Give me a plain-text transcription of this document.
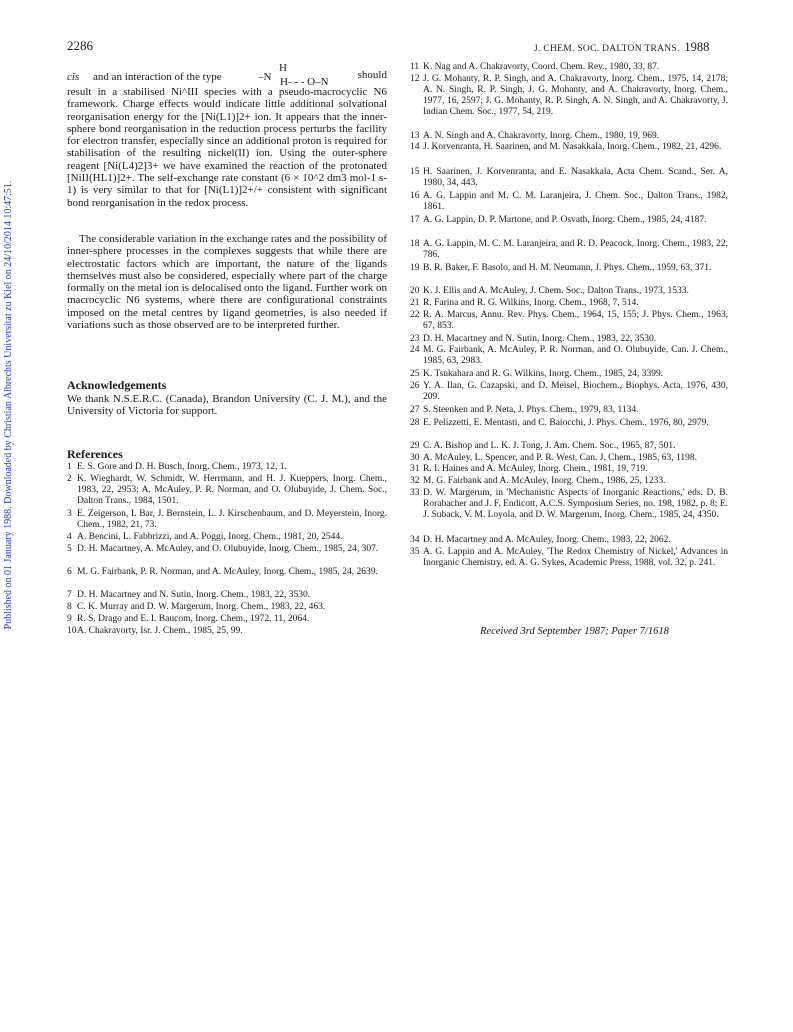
2286	J. CHEM. SOC. DALTON TRANS. 1988
Published on 01 January 1988. Downloaded by Christian Albrechts Universitat zu Kiel on 24/10/2014 10:47:51.
cis and an interaction of the type	–N
H
H- - - O–N
should

result in a stabilised Ni^III species with a pseudo-macrocyclic N6 framework. Charge effects would indicate little additional solvational reorganisation energy for the [Ni(L1)]2+ ion. It appears that the inner-sphere bond reorganisation in the reduction process perturbs the facility for electron transfer, especially since an additional proton is required for stabilisation of the resulting nickel(II) ion. Using the outer-sphere reagent [Ni(L4)2]3+ we have examined the reaction of the protonated [NiII(HL1)]2+. The self-exchange rate constant (6 × 10^2 dm3 mol-1 s-1) is very similar to that for [Ni(L1)]2+/+ consistent with significant bond reorganisation in the redox process.

The considerable variation in the exchange rates and the possibility of inner-sphere processes in the complexes suggests that while there are electrostatic factors which are important, the nature of the ligands themselves must also be considered, especially where part of the charge formally on the metal ion is delocalised onto the ligand. Further work on macrocyclic N6 systems, where there are configurational constraints imposed on the metal centres by ligand geometries, is also needed if variations such as those observed are to be interpreted further.

Acknowledgements

We thank N.S.E.R.C. (Canada), Brandon University (C. J. M.), and the University of Victoria for support.

References
1 E. S. Gore and D. H. Busch, Inorg. Chem., 1973, 12, 1.
2 K. Wieghardt, W. Schmidt, W. Herrmann, and H. J. Kueppers, Inorg. Chem., 1983, 22, 2953; A. McAuley, P. R. Norman, and O. Olubuyide, J. Chem. Soc., Dalton Trans., 1984, 1501.
3 E. Zeigerson, I. Bar, J. Bernstein, L. J. Kirschenbaum, and D. Meyerstein, Inorg. Chem., 1982, 21, 73.
4 A. Bencini, L. Fabbrizzi, and A. Poggi, Inorg. Chem., 1981, 20, 2544.
5 D. H. Macartney, A. McAuley, and O. Olubuyide, Inorg. Chem., 1985, 24, 307.
6 M. G. Fairbank, P. R. Norman, and A. McAuley, Inorg. Chem., 1985, 24, 2639.
7 D. H. Macartney and N. Sutin, Inorg. Chem., 1983, 22, 3530.
8 C. K. Murray and D. W. Margerum, Inorg. Chem., 1983, 22, 463.
9 R. S. Drago and E. I. Baucom, Inorg. Chem., 1972, 11, 2064.
10 A. Chakravorty, Isr. J. Chem., 1985, 25, 99.
11 K. Nag and A. Chakravorty, Coord. Chem. Rev., 1980, 33, 87.
12 J. G. Mohanty, R. P. Singh, and A. Chakravorty, Inorg. Chem., 1975, 14, 2178; A. N. Singh, R. P. Singh, J. G. Mohanty, and A. Chakravorty, Inorg. Chem., 1977, 16, 2597; J. G. Mohanty, R. P. Singh, A. N. Singh, and A. Chakravorty, J. Indian Chem. Soc., 1977, 54, 219.
13 A. N. Singh and A. Chakravorty, Inorg. Chem., 1980, 19, 969.
14 J. Korvenranta, H. Saarinen, and M. Nasakkala, Inorg. Chem., 1982, 21, 4296.
15 H. Saarinen, J. Korvenranta, and E. Nasakkala, Acta Chem. Scand., Ser. A, 1980, 34, 443.
16 A. G. Lappin and M. C. M. Laranjeira, J. Chem. Soc., Dalton Trans., 1982, 1861.
17 A. G. Lappin, D. P. Martone, and P. Osvath, Inorg. Chem., 1985, 24, 4187.
18 A. G. Lappin, M. C. M. Laranjeira, and R. D. Peacock, Inorg. Chem., 1983, 22, 786.
19 B. R. Baker, F. Basolo, and H. M. Neumann, J. Phys. Chem., 1959, 63, 371.
20 K. J. Ellis and A. McAuley, J. Chem. Soc., Dalton Trans., 1973, 1533.
21 R. Farina and R. G. Wilkins, Inorg. Chem., 1968, 7, 514.
22 R. A. Marcus, Annu. Rev. Phys. Chem., 1964, 15, 155; J. Phys. Chem., 1963, 67, 853.
23 D. H. Macartney and N. Sutin, Inorg. Chem., 1983, 22, 3530.
24 M. G. Fairbank, A. McAuley, P. R. Norman, and O. Olubuyide, Can. J. Chem., 1985, 63, 2983.
25 K. Tsukahara and R. G. Wilkins, Inorg. Chem., 1985, 24, 3399.
26 Y. A. Ilan, G. Cazapski, and D. Meisel, Biochem., Biophys. Acta, 1976, 430, 209.
27 S. Steenken and P. Neta, J. Phys. Chem., 1979, 83, 1134.
28 E. Pelizzetti, E. Mentasti, and C. Baiocchi, J. Phys. Chem., 1976, 80, 2979.
29 C. A. Bishop and L. K. J. Tong, J. Am. Chem. Soc., 1965, 87, 501.
30 A. McAuley, L. Spencer, and P. R. West, Can. J. Chem., 1985, 63, 1198.
31 R. I. Haines and A. McAuley, Inorg. Chem., 1981, 19, 719.
32 M. G. Fairbank and A. McAuley, Inorg. Chem., 1986, 25, 1233.
33 D. W. Margerum, in 'Mechanistic Aspects of Inorganic Reactions,' eds. D. B. Rorabacher and J. F. Endicott, A.C.S. Symposium Series, no. 198, 1982, p. 8; E. J. Suback, V. M. Loyola, and D. W. Margerum, Inorg. Chem., 1985, 24, 4350.
34 D. H. Macartney and A. McAuley, Inorg. Chem., 1983, 22, 2062.
35 A. G. Lappin and A. McAuley, 'The Redox Chemistry of Nickel,' Advances in Inorganic Chemistry, ed. A. G. Sykes, Academic Press, 1988, vol. 32, p. 241.
Received 3rd September 1987; Paper 7/1618
